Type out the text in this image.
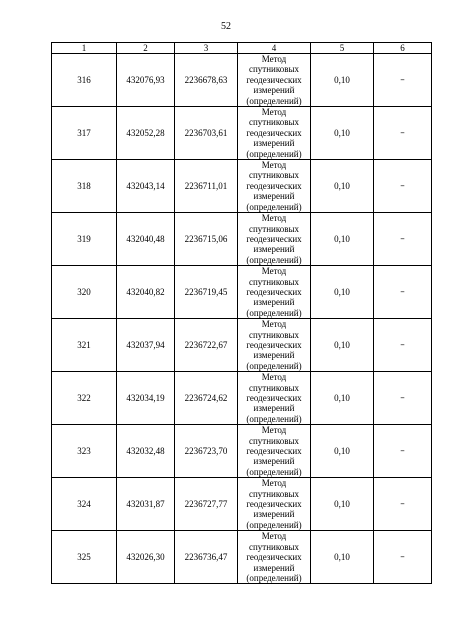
52
1	2	3	4	5	6
316	432076,93	2236678,63	Метод
спутниковых
геодезических
измерений
(определений)	0,10	–
317	432052,28	2236703,61	Метод
спутниковых
геодезических
измерений
(определений)	0,10	–
318	432043,14	2236711,01	Метод
спутниковых
геодезических
измерений
(определений)	0,10	–
319	432040,48	2236715,06	Метод
спутниковых
геодезических
измерений
(определений)	0,10	–
320	432040,82	2236719,45	Метод
спутниковых
геодезических
измерений
(определений)	0,10	–
321	432037,94	2236722,67	Метод
спутниковых
геодезических
измерений
(определений)	0,10	–
322	432034,19	2236724,62	Метод
спутниковых
геодезических
измерений
(определений)	0,10	–
323	432032,48	2236723,70	Метод
спутниковых
геодезических
измерений
(определений)	0,10	–
324	432031,87	2236727,77	Метод
спутниковых
геодезических
измерений
(определений)	0,10	–
325	432026,30	2236736,47	Метод
спутниковых
геодезических
измерений
(определений)	0,10	–
